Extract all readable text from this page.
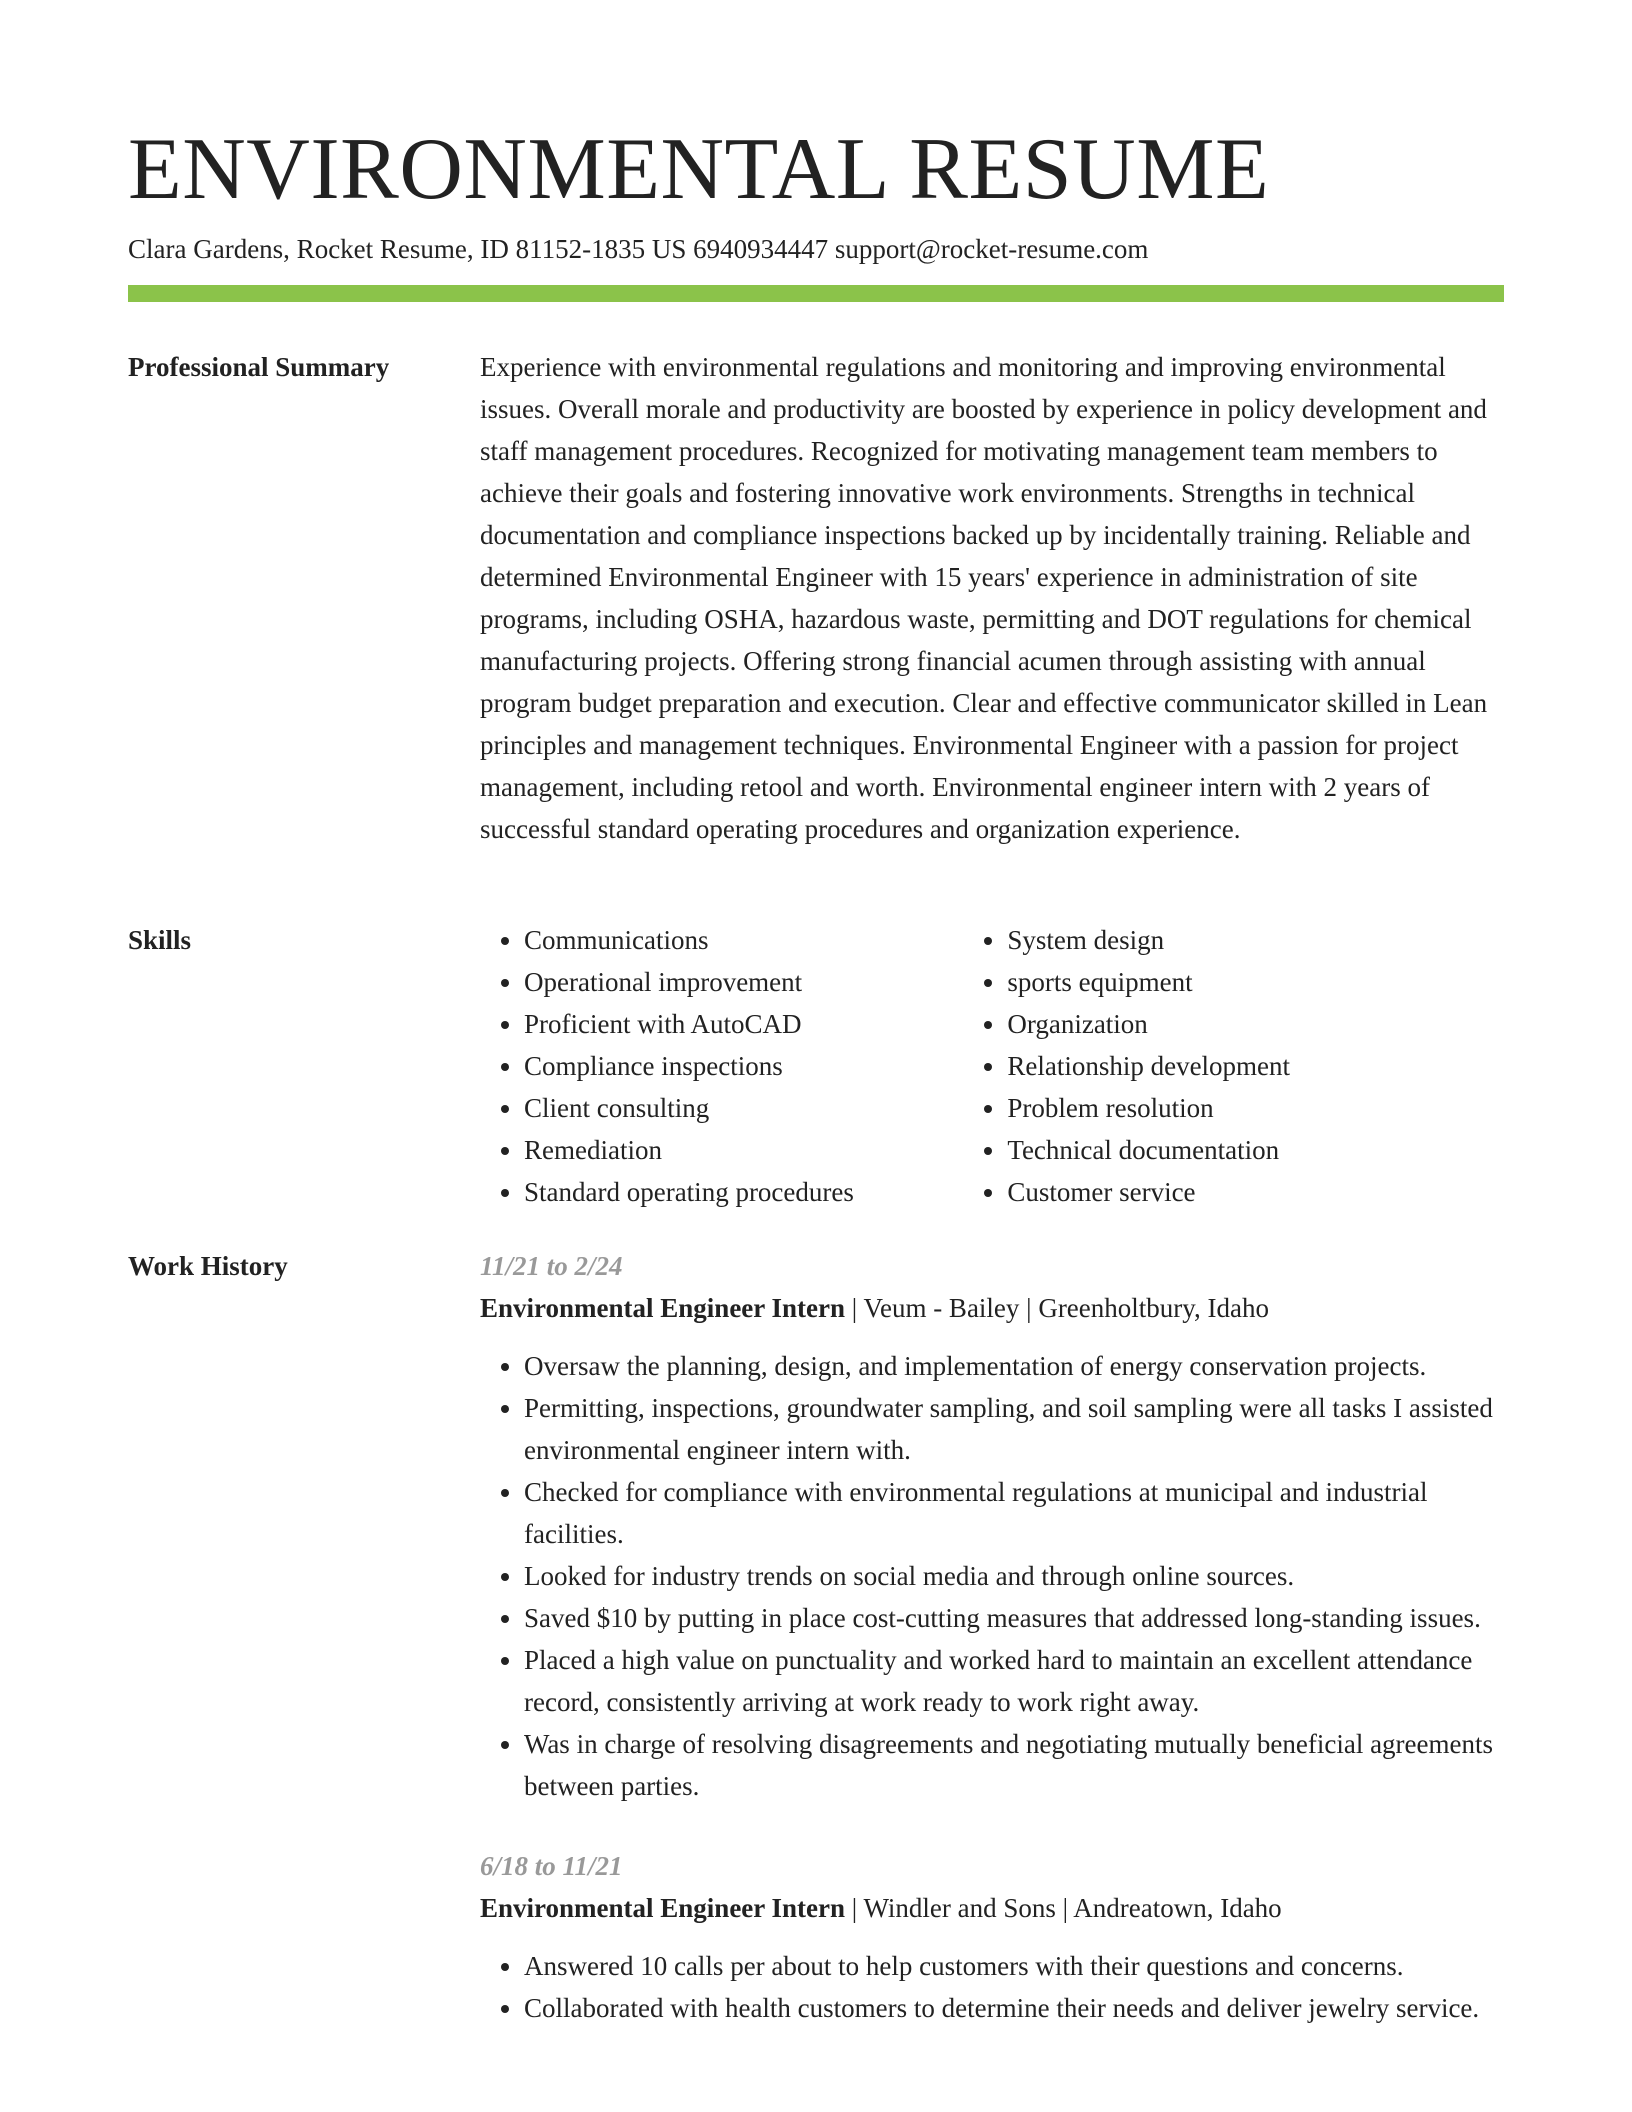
ENVIRONMENTAL RESUME
Clara Gardens, Rocket Resume, ID 81152-1835 US 6940934447 support@rocket-resume.com
Professional Summary	Experience with environmental regulations and monitoring and improving environmental issues. Overall morale and productivity are boosted by experience in policy development and staff management procedures. Recognized for motivating management team members to achieve their goals and fostering innovative work environments. Strengths in technical documentation and compliance inspections backed up by incidentally training. Reliable and determined Environmental Engineer with 15 years' experience in administration of site programs, including OSHA, hazardous waste, permitting and DOT regulations for chemical manufacturing projects. Offering strong financial acumen through assisting with annual program budget preparation and execution. Clear and effective communicator skilled in Lean principles and management techniques. Environmental Engineer with a passion for project management, including retool and worth. Environmental engineer intern with 2 years of successful standard operating procedures and organization experience.

Skills
•	Communications
• Operational improvement
• Proficient with AutoCAD
• Compliance inspections
• Client consulting
• Remediation
• Standard operating procedures
• System design
• sports equipment
• Organization
• Relationship development
• Problem resolution
• Technical documentation
• Customer service
Work History	11/21 to 2/24
Environmental Engineer Intern | Veum - Bailey | Greenholtbury, Idaho
• Oversaw the planning, design, and implementation of energy conservation projects.
• Permitting, inspections, groundwater sampling, and soil sampling were all tasks I assisted environmental engineer intern with.
• Checked for compliance with environmental regulations at municipal and industrial facilities.
• Looked for industry trends on social media and through online sources.
• Saved $10 by putting in place cost-cutting measures that addressed long-standing issues.
• Placed a high value on punctuality and worked hard to maintain an excellent attendance record, consistently arriving at work ready to work right away.
• Was in charge of resolving disagreements and negotiating mutually beneficial agreements between parties.
6/18 to 11/21
Environmental Engineer Intern | Windler and Sons | Andreatown, Idaho
• Answered 10 calls per about to help customers with their questions and concerns.
• Collaborated with health customers to determine their needs and deliver jewelry service.
